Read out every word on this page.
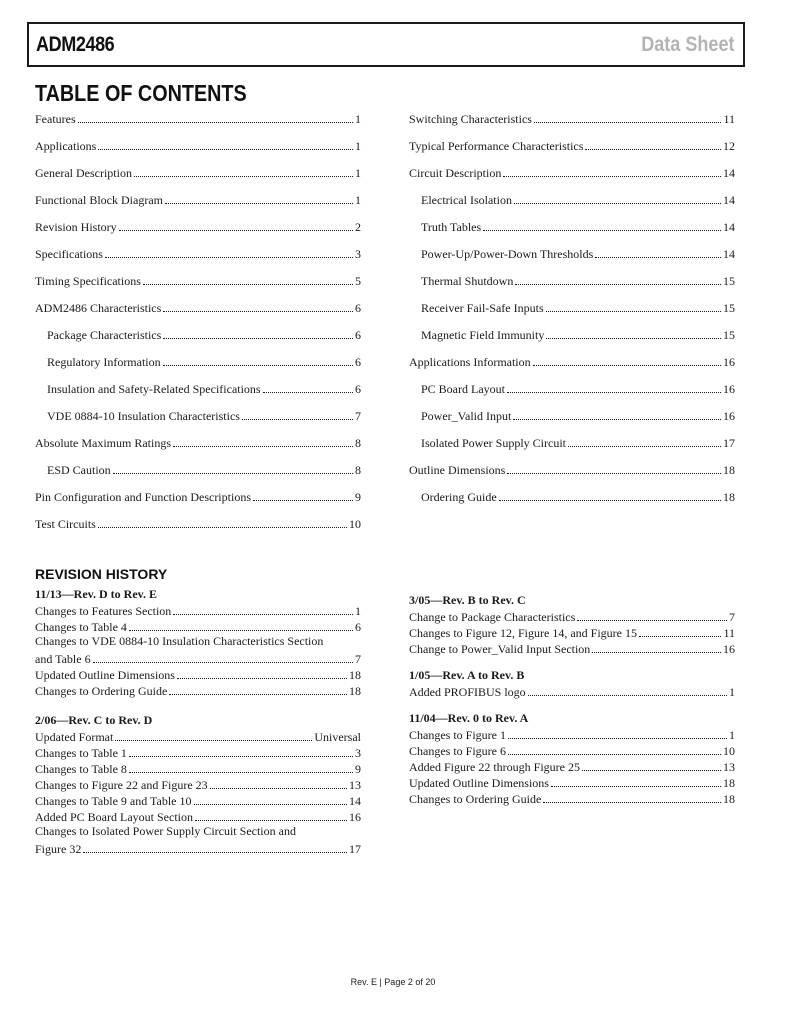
ADM2486	Data Sheet
TABLE OF CONTENTS
Features	1
Applications	1
General Description	1
Functional Block Diagram	1
Revision History	2
Specifications	3
Timing Specifications	5
ADM2486 Characteristics	6
Package Characteristics	6
Regulatory Information	6
Insulation and Safety-Related Specifications	6
VDE 0884-10 Insulation Characteristics	7
Absolute Maximum Ratings	8
ESD Caution	8
Pin Configuration and Function Descriptions	9
Test Circuits	10
Switching Characteristics	11
Typical Performance Characteristics	12
Circuit Description	14
Electrical Isolation	14
Truth Tables	14
Power-Up/Power-Down Thresholds	14
Thermal Shutdown	15
Receiver Fail-Safe Inputs	15
Magnetic Field Immunity	15
Applications Information	16
PC Board Layout	16
Power_Valid Input	16
Isolated Power Supply Circuit	17
Outline Dimensions	18
Ordering Guide	18
REVISION HISTORY
11/13—Rev. D to Rev. E
Changes to Features Section	1
Changes to Table 4	6
Changes to VDE 0884-10 Insulation Characteristics Section
and Table 6	7
Updated Outline Dimensions	18
Changes to Ordering Guide	18
2/06—Rev. C to Rev. D
Updated Format	Universal
Changes to Table 1	3
Changes to Table 8	9
Changes to Figure 22 and Figure 23	13
Changes to Table 9 and Table 10	14
Added PC Board Layout Section	16
Changes to Isolated Power Supply Circuit Section and
Figure 32	17
3/05—Rev. B to Rev. C
Change to Package Characteristics	7
Changes to Figure 12, Figure 14, and Figure 15	11
Change to Power_Valid Input Section	16
1/05—Rev. A to Rev. B
Added PROFIBUS logo	1
11/04—Rev. 0 to Rev. A
Changes to Figure 1	1
Changes to Figure 6	10
Added Figure 22 through Figure 25	13
Updated Outline Dimensions	18
Changes to Ordering Guide	18
Rev. E | Page 2 of 20
